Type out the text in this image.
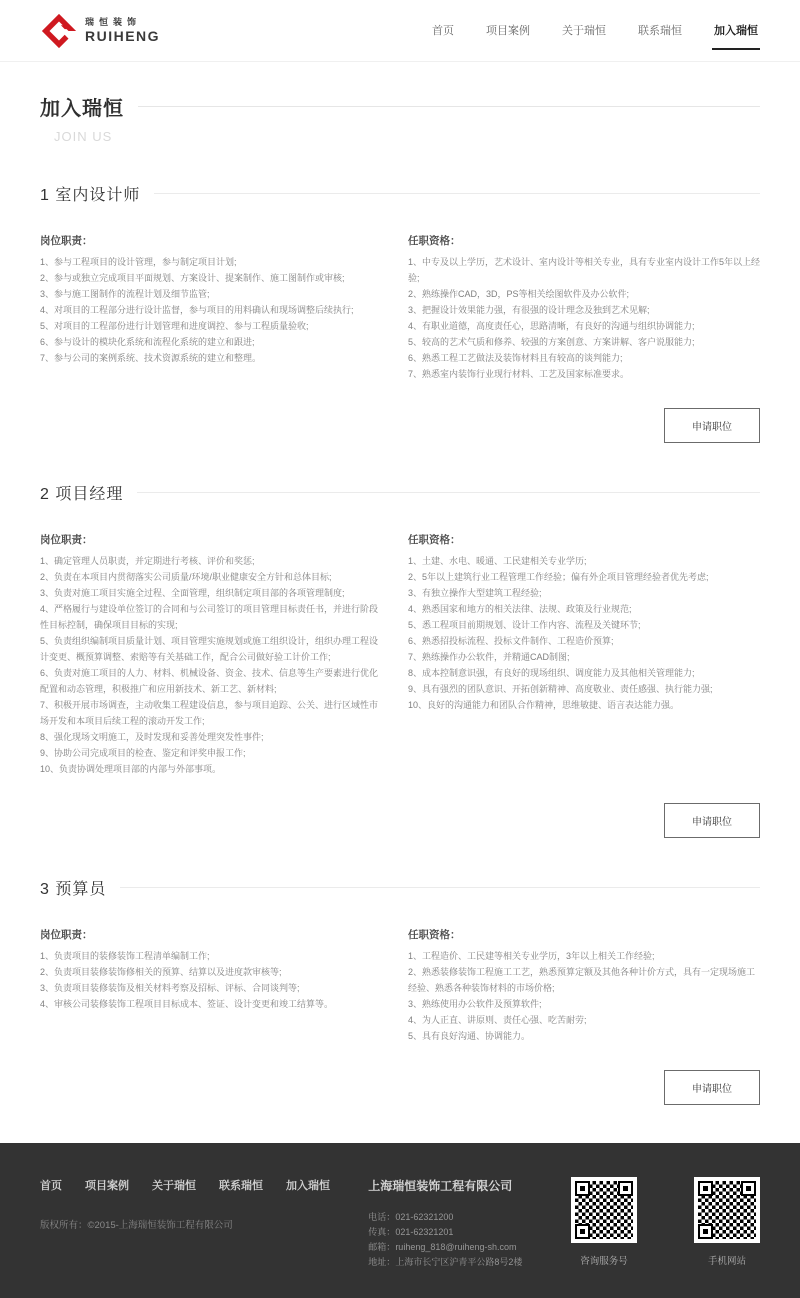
瑞恒装饰
RUIHENG	首页	项目案例	关于瑞恒	联系瑞恒	加入瑞恒
加入瑞恒
JOIN US
1 室内设计师
岗位职责：
1、参与工程项目的设计管理，参与制定项目计划;
2、参与或独立完成项目平面规划、方案设计、提案制作、施工图制作或审核;
3、参与施工图制作的流程计划及细节监管;
4、对项目的工程部分进行设计监督，参与项目的用料确认和现场调整后续执行;
5、对项目的工程部份进行计划管理和进度调控、参与工程质量验收;
6、参与设计的模块化系统和流程化系统的建立和跟进;
7、参与公司的案例系统、技术资源系统的建立和整理。
任职资格：
1、中专及以上学历，艺术设计、室内设计等相关专业，具有专业室内设计工作5年以上经验;
2、熟练操作CAD，3D，PS等相关绘图软件及办公软件;
3、把握设计效果能力强，有很强的设计理念及独到艺术见解;
4、有职业道德，高度责任心，思路清晰，有良好的沟通与组织协调能力;
5、较高的艺术气质和修养、较强的方案创意、方案讲解、客户说服能力;
6、熟悉工程工艺做法及装饰材料且有较高的谈判能力;
7、熟悉室内装饰行业现行材料、工艺及国家标准要求。
申请职位
2 项目经理
岗位职责：
1、确定管理人员职责，并定期进行考核、评价和奖惩;
2、负责在本项目内贯彻落实公司质量/环境/职业健康安全方针和总体目标;
3、负责对施工项目实施全过程、全面管理，组织制定项目部的各项管理制度;
4、严格履行与建设单位签订的合同和与公司签订的项目管理目标责任书，并进行阶段性目标控制，确保项目目标的实现;
5、负责组织编制项目质量计划、项目管理实施规划或施工组织设计，组织办理工程设计变更、概预算调整、索赔等有关基础工作，配合公司做好验工计价工作;
6、负责对施工项目的人力、材料、机械设备、资金、技术、信息等生产要素进行优化配置和动态管理，积极推广和应用新技术、新工艺、新材料;
7、积极开展市场调查，主动收集工程建设信息，参与项目追踪、公关、进行区域性市场开发和本项目后续工程的滚动开发工作;
8、强化现场文明施工，及时发现和妥善处理突发性事件;
9、协助公司完成项目的检查、鉴定和评奖申报工作;
10、负责协调处理项目部的内部与外部事项。
任职资格：
1、土建、水电、暖通、工民建相关专业学历;
2、5年以上建筑行业工程管理工作经验；偏有外企项目管理经验者优先考虑;
3、有独立操作大型建筑工程经验;
4、熟悉国家和地方的相关法律、法规、政策及行业规范;
5、悉工程项目前期规划、设计工作内容、流程及关键环节;
6、熟悉招投标流程、投标文件制作、工程造价预算;
7、熟练操作办公软件，并精通CAD制图;
8、成本控制意识强，有良好的现场组织、调度能力及其他相关管理能力;
9、具有强烈的团队意识、开拓创新精神、高度敬业、责任感强、执行能力强;
10、良好的沟通能力和团队合作精神，思维敏捷、语言表达能力强。
申请职位
3 预算员
岗位职责：
1、负责项目的装修装饰工程清单编制工作;
2、负责项目装修装饰修相关的预算、结算以及进度款审核等;
3、负责项目装修装饰及相关材料考察及招标、评标、合同谈判等;
4、审核公司装修装饰工程项目目标成本、签证、设计变更和竣工结算等。
任职资格：
1、工程造价、工民建等相关专业学历，3年以上相关工作经验;
2、熟悉装修装饰工程施工工艺，熟悉预算定额及其他各种计价方式，具有一定现场施工经验、熟悉各种装饰材料的市场价格;
3、熟练使用办公软件及预算软件;
4、为人正直、讲原则、责任心强、吃苦耐劳;
5、具有良好沟通、协调能力。
申请职位
首页 项目案例 关于瑞恒 联系瑞恒 加入瑞恒
版权所有：©2015-上海瑞恒装饰工程有限公司
上海瑞恒装饰工程有限公司
电话： 021-62321200
传真： 021-62321201
邮箱： ruiheng_818@ruiheng-sh.com
地址： 上海市长宁区沪青平公路8号2楼	咨询服务号	手机网站
